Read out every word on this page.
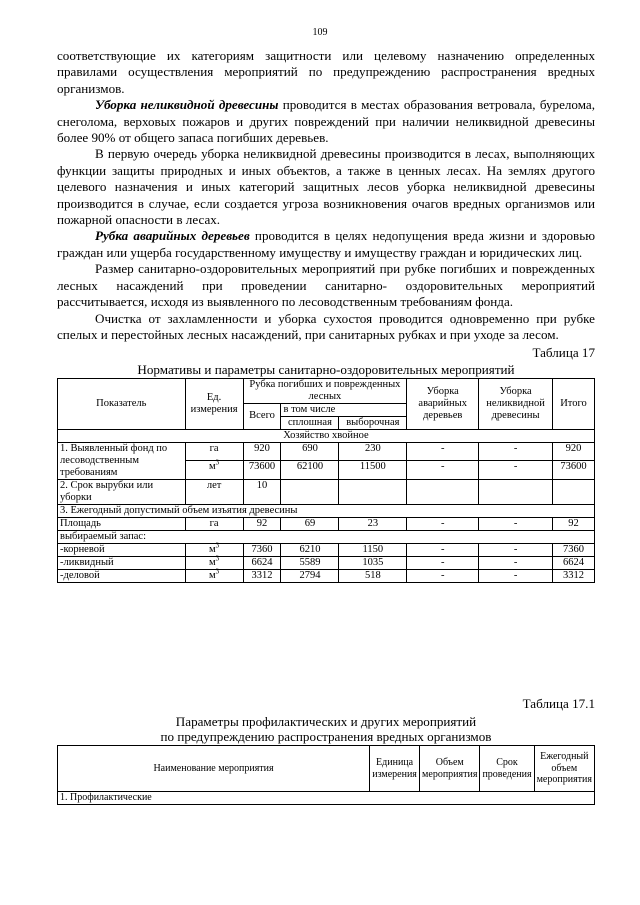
109

соответствующие их категориям защитности или целевому назначению определенных правилами осуществления мероприятий по предупреждению распространения вредных организмов.

Уборка неликвидной древесины проводится в местах образования ветровала, бурелома, снеголома, верховых пожаров и других повреждений при наличии неликвидной древесины более 90% от общего запаса погибших деревьев.

В первую очередь уборка неликвидной древесины производится в лесах, выполняющих функции защиты природных и иных объектов, а также в ценных лесах. На землях другого целевого назначения и иных категорий защитных лесов уборка неликвидной древесины производится в случае, если создается угроза возникновения очагов вредных организмов или пожарной опасности в лесах.

Рубка аварийных деревьев проводится в целях недопущения вреда жизни и здоровью граждан или ущерба государственному имуществу и имуществу граждан и юридических лиц.

Размер санитарно-оздоровительных мероприятий при рубке погибших и поврежденных лесных насаждений при проведении санитарно- оздоровительных мероприятий рассчитывается, исходя из выявленного по лесоводственным требованиям фонда.

Очистка от захламленности и уборка сухостоя проводится одновременно при рубке спелых и перестойных лесных насаждений, при санитарных рубках и при уходе за лесом.

Таблица 17
Нормативы и параметры санитарно-оздоровительных мероприятий
Показатель	Ед. измерения	Рубка погибших и поврежденных лесных			Уборка аварийных деревьев	Уборка неликвидной древесины	Итого
		Всего	в том числе				
			сплошная	выборочная			
Хозяйство хвойное							
1. Выявленный фонд по лесоводственным требованиям	га	920	690	230	-	-	920
	$м^3$	73600	62100	11500	-	-	73600
2. Срок вырубки или уборки	лет	10					
3. Ежегодный допустимый объем изъятия древесины							
Площадь	га	92	69	23	-	-	92
выбираемый запас:							
-корневой	$м^3$	7360	6210	1150	-	-	7360
-ликвидный	$м^3$	6624	5589	1035	-	-	6624
-деловой	$м^3$	3312	2794	518	-	-	3312
Таблица 17.1
Параметры профилактических и других мероприятий
по предупреждению распространения вредных организмов
Наименование мероприятия	Единица измерения	Объем мероприятия	Срок проведения	Ежегодный объем мероприятия
1. Профилактические
